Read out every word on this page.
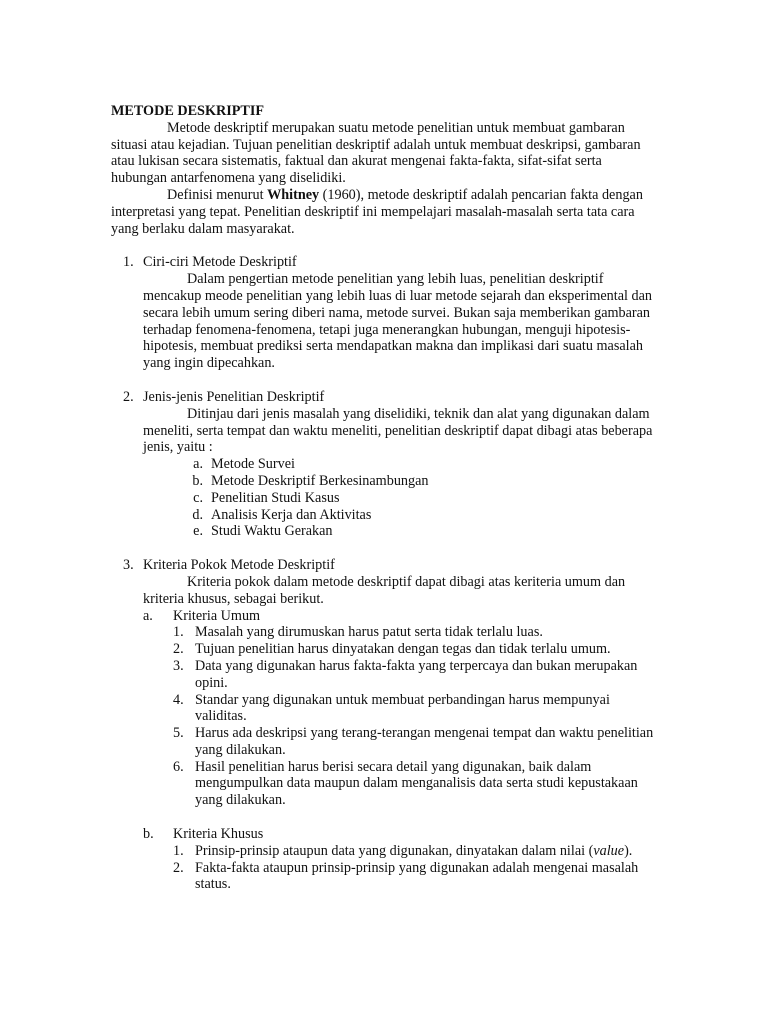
METODE DESKRIPTIF

Metode deskriptif merupakan suatu metode penelitian untuk membuat gambaran situasi atau kejadian. Tujuan penelitian deskriptif adalah untuk membuat deskripsi, gambaran atau lukisan secara sistematis, faktual dan akurat mengenai fakta-fakta, sifat-sifat serta hubungan antarfenomena yang diselidiki.

Definisi menurut Whitney (1960), metode deskriptif adalah pencarian fakta dengan interpretasi yang tepat. Penelitian deskriptif ini mempelajari masalah-masalah serta tata cara yang berlaku dalam masyarakat.

1. Ciri-ciri Metode Deskriptif

Dalam pengertian metode penelitian yang lebih luas, penelitian deskriptif mencakup meode penelitian yang lebih luas di luar metode sejarah dan eksperimental dan secara lebih umum sering diberi nama, metode survei. Bukan saja memberikan gambaran terhadap fenomena-fenomena, tetapi juga menerangkan hubungan, menguji hipotesis-hipotesis, membuat prediksi serta mendapatkan makna dan implikasi dari suatu masalah yang ingin dipecahkan.

2. Jenis-jenis Penelitian Deskriptif

Ditinjau dari jenis masalah yang diselidiki, teknik dan alat yang digunakan dalam meneliti, serta tempat dan waktu meneliti, penelitian deskriptif dapat dibagi atas beberapa jenis, yaitu :

a. Metode Survei
b. Metode Deskriptif Berkesinambungan
c. Penelitian Studi Kasus
d. Analisis Kerja dan Aktivitas
e. Studi Waktu Gerakan
3. Kriteria Pokok Metode Deskriptif

Kriteria pokok dalam metode deskriptif dapat dibagi atas keriteria umum dan kriteria khusus, sebagai berikut.

a.	Kriteria Umum

1. Masalah yang dirumuskan harus patut serta tidak terlalu luas.
2. Tujuan penelitian harus dinyatakan dengan tegas dan tidak terlalu umum.
3. Data yang digunakan harus fakta-fakta yang terpercaya dan bukan merupakan opini.
4. Standar yang digunakan untuk membuat perbandingan harus mempunyai validitas.
5. Harus ada deskripsi yang terang-terangan mengenai tempat dan waktu penelitian yang dilakukan.
6. Hasil penelitian harus berisi secara detail yang digunakan, baik dalam mengumpulkan data maupun dalam menganalisis data serta studi kepustakaan yang dilakukan.
b.	Kriteria Khusus

1. Prinsip-prinsip ataupun data yang digunakan, dinyatakan dalam nilai (value).
2. Fakta-fakta ataupun prinsip-prinsip yang digunakan adalah mengenai masalah status.
